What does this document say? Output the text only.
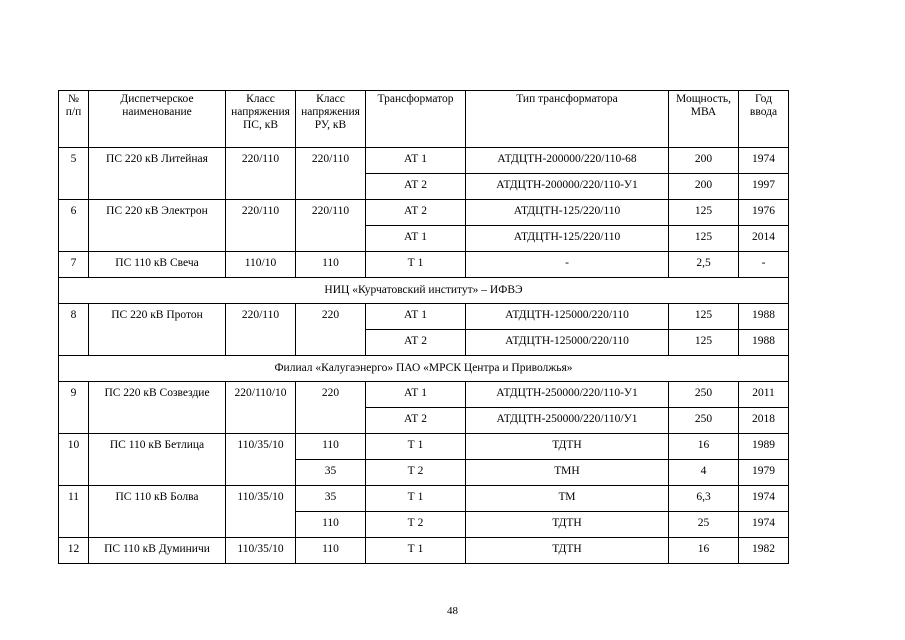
№ п/п	Диспетчерское наименование	Класс напряжения ПС, кВ	Класс напряжения РУ, кВ	Трансформатор	Тип трансформатора	Мощность, МВА	Год ввода
5	ПС 220 кВ Литейная	220/110	220/110	АТ 1	АТДЦТН-200000/220/110-68	200	1974
				АТ 2	АТДЦТН-200000/220/110-У1	200	1997
6	ПС 220 кВ Электрон	220/110	220/110	АТ 2	АТДЦТН-125/220/110	125	1976
				АТ 1	АТДЦТН-125/220/110	125	2014
7	ПС 110 кВ Свеча	110/10	110	Т 1	-	2,5	-
НИЦ «Курчатовский институт» – ИФВЭ							
8	ПС 220 кВ Протон	220/110	220	АТ 1	АТДЦТН-125000/220/110	125	1988
				АТ 2	АТДЦТН-125000/220/110	125	1988
Филиал «Калугаэнерго» ПАО «МРСК Центра и Приволжья»							
9	ПС 220 кВ Созвездие	220/110/10	220	АТ 1	АТДЦТН-250000/220/110-У1	250	2011
				АТ 2	АТДЦТН-250000/220/110/У1	250	2018
10	ПС 110 кВ Бетлица	110/35/10	110	Т 1	ТДТН	16	1989
			35	Т 2	ТМН	4	1979
11	ПС 110 кВ Болва	110/35/10	35	Т 1	ТМ	6,3	1974
			110	Т 2	ТДТН	25	1974
12	ПС 110 кВ Думиничи	110/35/10	110	Т 1	ТДТН	16	1982
48
